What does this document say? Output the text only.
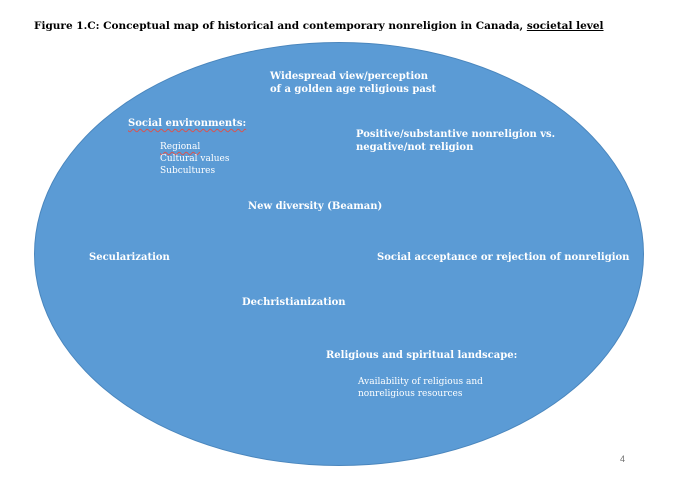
Figure 1.C: Conceptual map of historical and contemporary nonreligion in Canada, societal level
Widespread view/perception
of a golden age religious past
Social environments:
Regional
Cultural values
Subcultures
Positive/substantive nonreligion vs.
negative/not religion
New diversity (Beaman)
Secularization	Social acceptance or rejection of nonreligion
Dechristianization
Religious and spiritual landscape:
Availability of religious and
nonreligious resources
4
